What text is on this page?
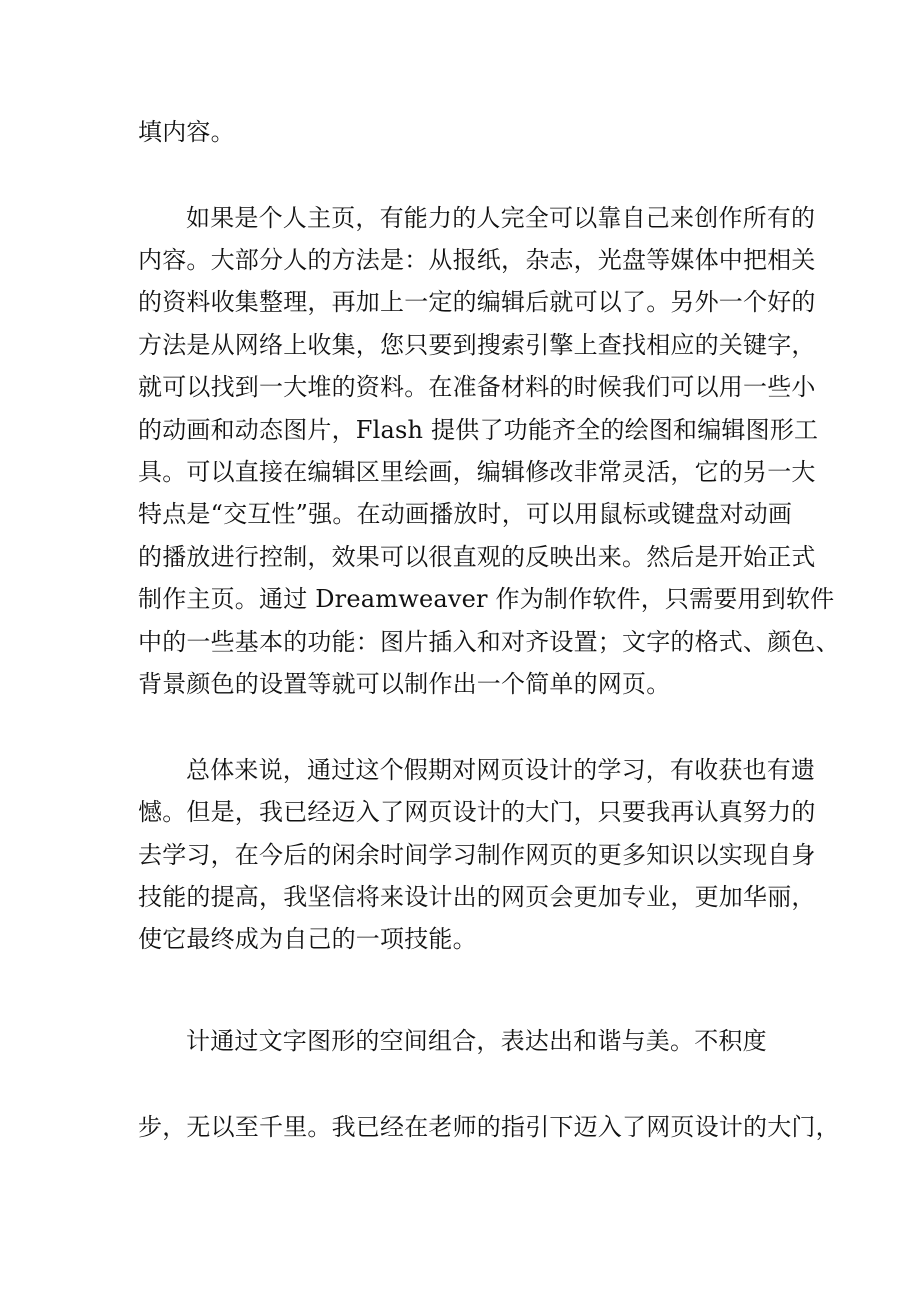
填内容。
如果是个人主页，有能力的人完全可以靠自己来创作所有的
内容。大部分人的方法是：从报纸，杂志，光盘等媒体中把相关
的资料收集整理，再加上一定的编辑后就可以了。另外一个好的
方法是从网络上收集，您只要到搜索引擎上查找相应的关键字，
就可以找到一大堆的资料。在准备材料的时候我们可以用一些小
的动画和动态图片，Flash 提供了功能齐全的绘图和编辑图形工
具。可以直接在编辑区里绘画，编辑修改非常灵活，它的另一大
特点是“交互性”强。在动画播放时，可以用鼠标或键盘对动画
的播放进行控制，效果可以很直观的反映出来。然后是开始正式
制作主页。通过 Dreamweaver 作为制作软件，只需要用到软件
中的一些基本的功能：图片插入和对齐设置；文字的格式、颜色、
背景颜色的设置等就可以制作出一个简单的网页。
总体来说，通过这个假期对网页设计的学习，有收获也有遗
憾。但是，我已经迈入了网页设计的大门，只要我再认真努力的
去学习，在今后的闲余时间学习制作网页的更多知识以实现自身
技能的提高，我坚信将来设计出的网页会更加专业，更加华丽，
使它最终成为自己的一项技能。
计通过文字图形的空间组合，表达出和谐与美。不积度
步，无以至千里。我已经在老师的指引下迈入了网页设计的大门，
